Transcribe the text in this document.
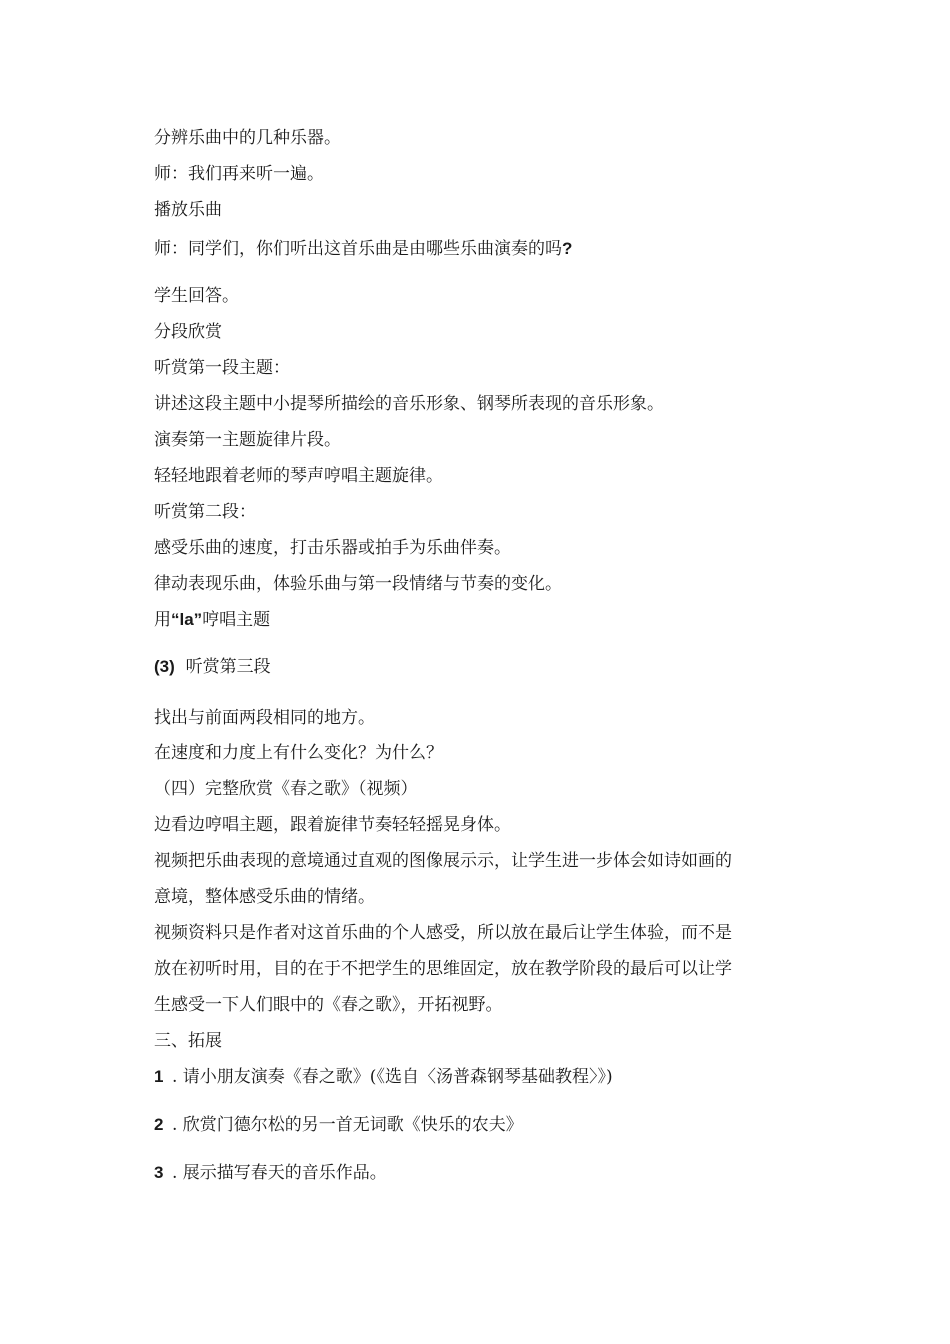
分辨乐曲中的几种乐器。
师：我们再来听一遍。
播放乐曲
师：同学们，你们听出这首乐曲是由哪些乐曲演奏的吗?
学生回答。
分段欣赏
听赏第一段主题：
讲述这段主题中小提琴所描绘的音乐形象、钢琴所表现的音乐形象。
演奏第一主题旋律片段。
轻轻地跟着老师的琴声哼唱主题旋律。
听赏第二段：
感受乐曲的速度，打击乐器或拍手为乐曲伴奏。
律动表现乐曲，体验乐曲与第一段情绪与节奏的变化。
用“la”哼唱主题
(3) 听赏第三段
找出与前面两段相同的地方。
在速度和力度上有什么变化？为什么？
（四）完整欣赏《春之歌》（视频）
边看边哼唱主题，跟着旋律节奏轻轻摇晃身体。
视频把乐曲表现的意境通过直观的图像展示示，让学生进一步体会如诗如画的
意境，整体感受乐曲的情绪。
视频资料只是作者对这首乐曲的个人感受，所以放在最后让学生体验，而不是
放在初听时用，目的在于不把学生的思维固定，放在教学阶段的最后可以让学
生感受一下人们眼中的《春之歌》，开拓视野。
三、拓展
1 . 请小朋友演奏《春之歌》(《选自〈汤普森钢琴基础教程〉》)
2 . 欣赏门德尔松的另一首无词歌《快乐的农夫》
3 . 展示描写春天的音乐作品。
